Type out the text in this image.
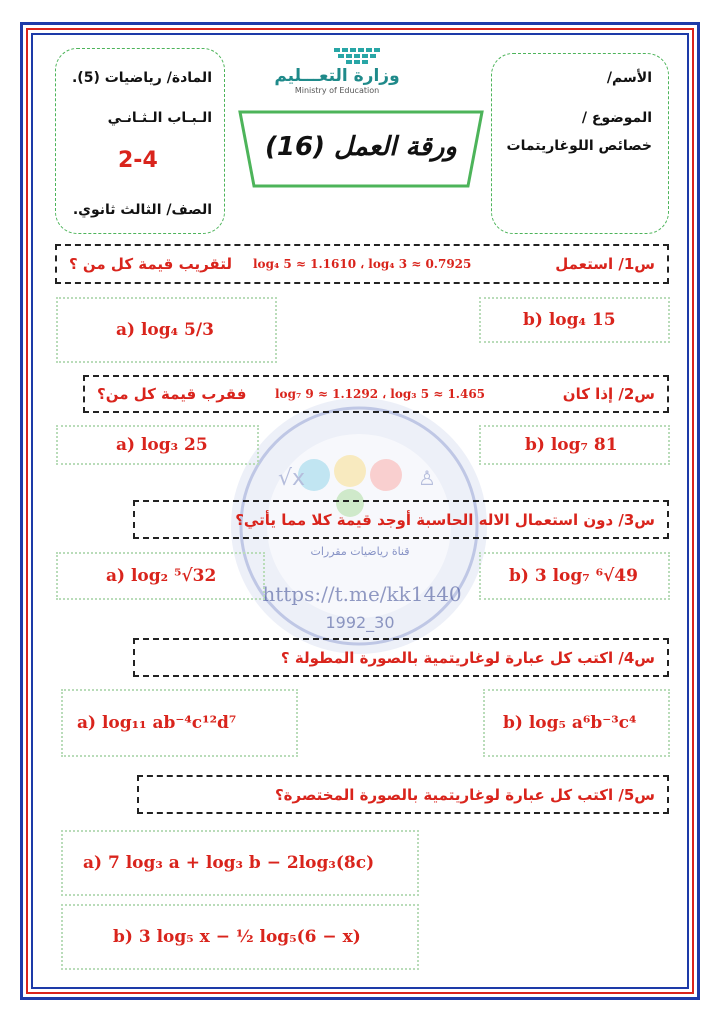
√x	♙
قناة رياضيات مقررات
https://t.me/kk1440
1992_30
المادة/ رياضيات (5).
الـبـاب الـثـانـي
2-4
الصف/ الثالث ثانوي.
الأسم/
الموضوع /
خصائص اللوغاريتمات
وزارة التعـــليم
Ministry of Education
ورقة العمل (16)
س1/ استعمل
log₄ 5 ≈ 1.1610 ، log₄ 3 ≈ 0.7925
لتقريب قيمة كل من ؟
b) log₄ 15
a) log₄ 5/3
س2/ إذا كان
log₇ 9 ≈ 1.1292 ، log₃ 5 ≈ 1.465
فقرب قيمة كل من؟
b) log₇ 81
a) log₃ 25
س3/ دون استعمال الاله الحاسبة أوجد قيمة كلا مما يأتي؟
b) 3 log₇ ⁶√49
a) log₂ ⁵√32
س4/ اكتب كل عبارة لوغاريتمية بالصورة المطولة ؟
b) log₅ a⁶b⁻³c⁴
a) log₁₁ ab⁻⁴c¹²d⁷
س5/ اكتب كل عبارة لوغاريتمية بالصورة المختصرة؟
a) 7 log₃ a + log₃ b − 2log₃(8c)
b) 3 log₅ x − ½ log₅(6 − x)
